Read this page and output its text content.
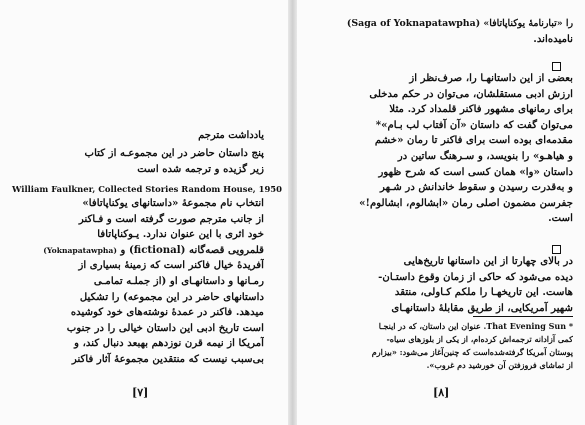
یادداشت مترجم
پنج داستان حاضر در این مجموعـه از کتاب
زیر گزیده و ترجمه شده است
William Faulkner, Collected Stories Random House, 1950
انتخاب نام مجموعهٔ «داستانهای یوکناپاتافا»
از جانب مترجم صورت گرفته است و فـاکنر
خود اثری با این عنوان ندارد. یـوکناپاتافا
قلمرویی قصه‌گانه (fictional) و (Yoknapatawpha)
آفریدهٔ خیال فاکنر است که زمینهٔ بسیاری از
رمـانها و داستانهـای او (از جملـه تمامـی
داستانهای حاضر در این مجموعه) را تشکیل
میدهد. فاکنر در عمدهٔ نوشته‌های خود کوشیده
است تاریخ ادبی این داستان خیالی را در جنوب
آمریکا از نیمه قرن نوزدهم بهبعد دنبال کند، و
بی‌سبب نیست که منتقدین مجموعهٔ آثار فاکنر
[۷]
را «تبارنامهٔ یوکناپاتافا» (Saga of Yoknapatawpha)
نامیده‌اند.
بعضی از این داستانهـا را، صرف‌نظر از
ارزش ادبی مستقلشان، می‌توان در حکم مدخلی
برای رمانهای مشهور فاکنر قلمداد کرد. مثلا
می‌توان گفت که داستان «آن آفتاب لب بـام»*
مقدمه‌ای بوده است برای فاکنر تا رمان «خشم
و هیاهـو» را بنویسد، و سـرهنگ ساتین در
داستان «وا» همان کسی است که شرح ظهور
و به‌قدرت رسیدن و سقوط خاندانش در شـهر
جفرسن مضمون اصلی رمان «ابشالوم، ابشالوم!»
است.
در بالای چهارتا از این داستانها تاریخ‌هایی
دیده می‌شود که حاکی از زمان وقوع داستـان‌-
هاست. این تاریخهـا را ملکم کـاولی، منتقد
شهیر آمریکایی، از طریق مقابلهٔ داستانهـای
* That Evening Sun. عنوان این داستان، که در اینجـا
کمی آزادانه ترجمه‌اش کرده‌ام، از یکی از بلوزهای سیاه‌-
پوستان آمریکا گرفته‌شده‌است که چنین‌آغاز می‌شود: «بیزارم
از تماشای فروزفتن آن خورشید دم غروب».
[۸]
